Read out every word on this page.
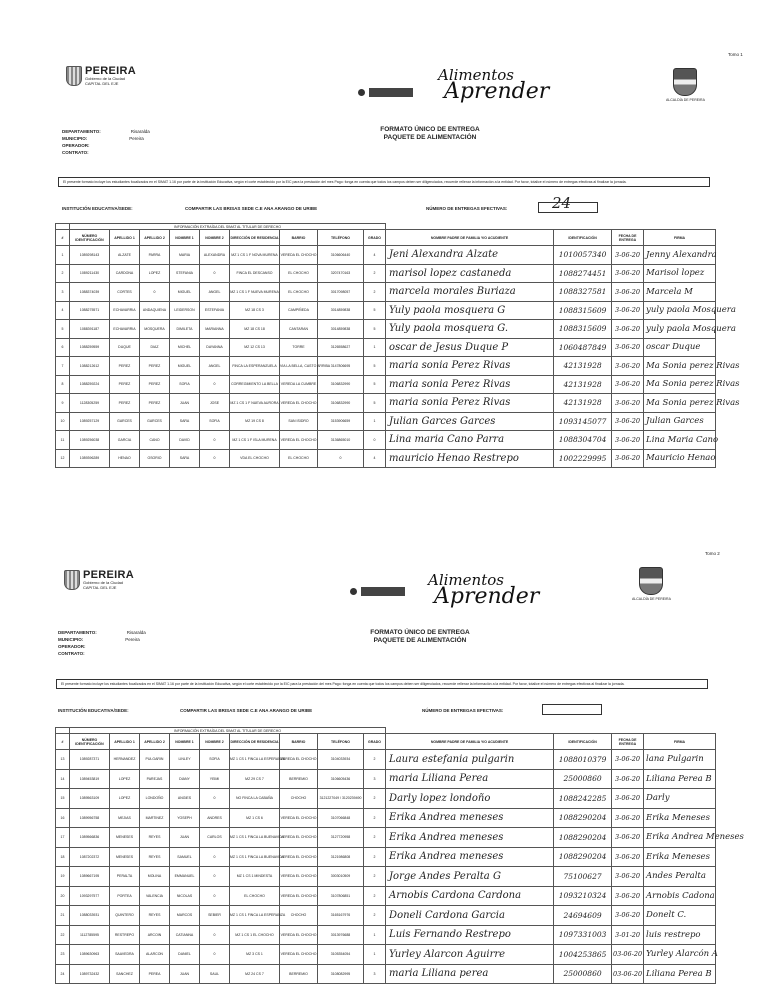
Tomo 1
PEREIRA
Gobierno de la Ciudad
CAPITAL DEL EJE	Alimentos
Aprender	ALCALDÍA DE PEREIRA
FORMATO ÚNICO DE ENTREGA
PAQUETE DE ALIMENTACIÓN
DEPARTAMENTO:	Risaralda
MUNICIPIO:	Pereira
OPERADOR:
CONTRATO:
El presente formato incluye los estudiantes focalizados en el SIMAT 1.16 por parte de la institución Educativa, según el corte establecido por la EIC para la prestación del mes Pago: fonga en cuenta que todos los campos deben ser diligenciados, recuerde rellenar la información a la entidad. Por favor, totalice el número de entregas efectivas al finalizar la jornada.
INSTITUCIÓN EDUCATIVA/SEDE:	COMPARTIR LAS BRISAS SEDE C.E ANA ARANGO DE URIBE	NÚMERO DE ENTREGAS EFECTIVAS:	24
	INFORMACIÓN EXTRAÍDA DEL SIMAT AL TITULAR DE DERECHO												
#	NÚMERO IDENTIFICACIÓN	APELLIDO 1	APELLIDO 2	NOMBRE 1	NOMBRE 2	DIRECCIÓN DE RESIDENCIA	BARRIO	TELÉFONO	GRADO	NOMBRE PADRE DE FAMILIA Y/O ACUDIENTE	IDENTIFICACIÓN	FECHA DE ENTREGA	FIRMA
1	1089298143	ALZATE	PARRA	MARIA	ALEXANDRA	MZ 1 CS 1 F NOVA MURENA	VEREDA EL CHOCHO	3106606440	4	Jeni Alexandra Alzate	1010057340	3-06-20	Jenny Alexandra
2	1089211430	CARDONA	LOPEZ	STEFANIA	0	FINCA EL DESCANSO	EL CHOCHO	3207470163	2	marisol lopez castaneda	1088274451	3-06-20	Marisol lopez
3	1088374039	CORTES	0	MIGUEL	ANGEL	MZ 1 CS 1 F NUEVA MURENA	EL CHOCHO	3017098057	2	marcela morales Buriaza	1088327581	3-06-20	Marcela M
4	1088275571	ECHAVARRIA	ANDAQUIENA	LEIDERSON	ESTEFANIA	MZ 18 CS 3	CAMPIÑEDA	3014859838	5	Yuly paola mosquera G	1088315609	3-06-20	yuly paola Mosquera
5	1088391187	ECHAVARRIA	MOSQUERA	DIMILETA	MARIANNA	MZ 18 CS 18	CANTARAN	3014859838	5	Yuly paola mosquera G.	1088315609	3-06-20	yuly paola Mosquera
6	1088259559	DUQUE	DIAZ	MICHEL	DAYANNA	MZ 12 CS 13	TORRE	3126558627	1	oscar de Jesus Duque P	1060487849	3-06-20	oscar Duque
7	1088212612	PEREZ	PEREZ	MIGUEL	ANGEL	FINCA LA ESPERANZUELA	VIA LA BELLA, CASTO ARRIBA	3147806695	5	maria sonia Perez Rivas	42131928	3-06-20	Ma Sonia perez Rivas
8	1088259224	PEREZ	PEREZ	SOFIA	0	CORREGIMIENTO LA BELLA	VEREDA LA CUMBRE	3106832990	5	maria sonia Perez Rivas	42131928	3-06-20	Ma Sonia perez Rivas
9	1128305259	PEREZ	PEREZ	JUAN	JOSE	MZ 1 CS 1 F NUEVA AURORA	VEREDA EL CHOCHO	3106832990	5	maria sonia Perez Rivas	42131928	3-06-20	Ma Sonia perez Rivas
10	1089257129	GARCES	GARCES	SARA	SOFIA	MZ 19 CS 8	SAN ISIDRO	3153906659	1	Julian Garces Garces	1093145077	3-06-20	Julian Garces
11	1089256038	GARCIA	CANO	DAVID	0	MZ 1 CS 1 F ISLA MURENA	VEREDA EL CHOCHO	3136865010	0	Lina maria Cano Parra	1088304704	3-06-20	Lina Maria Cano
12	1089396289	HENAO	OSORIO	SARA	0	VDA EL CHOCHO	EL CHOCHO	0	4	mauricio Henao Restrepo	1002229995	3-06-20	Mauricio Henao
Tomo 2
PEREIRA
Gobierno de la Ciudad
CAPITAL DEL EJE	Alimentos
Aprender	ALCALDÍA DE PEREIRA
FORMATO ÚNICO DE ENTREGA
PAQUETE DE ALIMENTACIÓN
DEPARTAMENTO:	Risaralda
MUNICIPIO:	Pereira
OPERADOR:
CONTRATO:
El presente formato incluye los estudiantes focalizados en el SIMAT 1.16 por parte de la institución Educativa, según el corte establecido por la EIC para la prestación del mes Pago: fonga en cuenta que todos los campos deben ser diligenciados, recuerde rellenar la información a la entidad. Por favor, totalice el número de entregas efectivas al finalizar la jornada.
INSTITUCIÓN EDUCATIVA/SEDE:	COMPARTIR LAS BRISAS SEDE C.E ANA ARANGO DE URIBE	NÚMERO DE ENTREGAS EFECTIVAS:
	INFORMACIÓN EXTRAÍDA DEL SIMAT AL TITULAR DE DERECHO												
#	NÚMERO IDENTIFICACIÓN	APELLIDO 1	APELLIDO 2	NOMBRE 1	NOMBRE 2	DIRECCIÓN DE RESIDENCIA	BARRIO	TELÉFONO	GRADO	NOMBRE PADRE DE FAMILIA Y/O ACUDIENTE	IDENTIFICACIÓN	FECHA DE ENTREGA	FIRMA
13	1089287371	HERNANDEZ	PULGARIN	LINLEY	SOFIA	MZ 1 CS 1 FINCA LA ESPERANZA	VEREDA EL CHOCHO	3104033934	2	Laura estefania pulgarin	1088010379	3-06-20	lana Pulgarin
14	1089453819	LOPEZ	PAREJAS	DIANY	YEIMI	MZ 29 CS 7	BERREMIO	3106605436	3	maria Liliana Perea	25000860	3-06-20	Liliana Perea B
15	1089563109	LOPEZ	LONDOÑO	ANGIES	0	NO FINCA LA CABAÑA	CHOCHO	3121227049 / 3120239490	2	Darly lopez londoño	1088242285	3-06-20	Darly
16	1089956758	MEJIAS	MARTINEZ	YOSEPH	ANDRES	MZ 1 CS 6	VEREDA EL CHOCHO	3107066848	2	Erika Andrea meneses	1088290204	3-06-20	Erika Meneses
17	1089566836	MENESES	REYES	JUAN	CARLOS	MZ 1 CS 1 FINCA LA BUENAVIDA	VEREDA EL CHOCHO	3127720958	2	Erika Andrea meneses	1088290204	3-06-20	Erika Andrea Meneses
18	1087202372	MENESES	REYES	SAMUEL	0	MZ 1 CS 1 FINCA LA BUENAVIDA	VEREDA EL CHOCHO	3121986808	2	Erika Andrea meneses	1088290204	3-06-20	Erika Meneses
19	1089667195	PERALTA	MOLINA	EMMANUEL	0	MZ 1 CS 1 MINDESTA	VEREDA EL CHOCHO	3003010509	2	Jorge Andes Peralta G	75100627	3-06-20	Andes Peralta
20	1093297577	PORTEA	VALENCIA	NICOLAS	0	EL CHOCHO	VEREDA EL CHOCHO	3107806851	2	Arnobis Cardona Cardona	1093210324	3-06-20	Arnobis Cadona
21	1088033931	QUINTERO	REYES	MARCOS	SEBIER	MZ 1 CS 1 FINCA LA ESPERANZA	CHOCHO	3165167976	2	Doneli Cardona Garcia	24694609	3-06-20	Donelt C.
22	1112785595	RESTREPO	ARCOIN	CATIANNA	0	MZ 1 CS 1 EL CHOCHO	VEREDA EL CHOCHO	3013976688	1	Luis Fernando Restrepo	1097331003	3-01-20	luis restrepo
23	1089630963	SAAVEDRA	ALARCON	DANIEL	0	MZ 3 CS 1	VEREDA EL CHOCHO	3105354054	1	Yurley Alarcon Aguirre	1004253865	03-06-20	Yurley Alarcón A
24	1089732432	SANCHEZ	PEREA	JUAN	SAUL	MZ 24 CS 7	BERREMIO	3108082995	3	maria Liliana perea	25000860	03-06-20	Liliana Perea B
